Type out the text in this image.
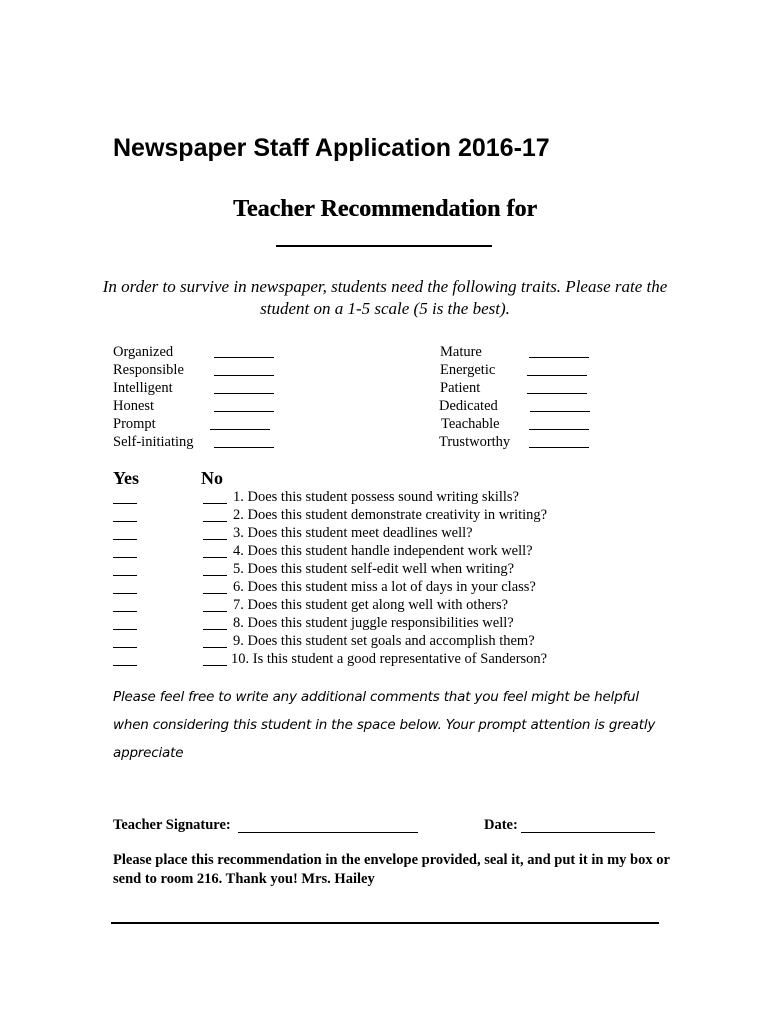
Newspaper Staff Application 2016-17
Teacher Recommendation for
In order to survive in newspaper, students need the following traits. Please rate the student on a 1-5 scale (5 is the best).
Organized
Responsible
Intelligent
Honest
Prompt
Self-initiating
Mature
Energetic
Patient
Dedicated
Teachable
Trustworthy
Yes	No
1. Does this student possess sound writing skills?
2. Does this student demonstrate creativity in writing?
3. Does this student meet deadlines well?
4. Does this student handle independent work well?
5. Does this student self-edit well when writing?
6. Does this student miss a lot of days in your class?
7. Does this student get along well with others?
8. Does this student juggle responsibilities well?
9. Does this student set goals and accomplish them?
10. Is this student a good representative of Sanderson?
Please feel free to write any additional comments that you feel might be helpful when considering this student in the space below. Your prompt attention is greatly appreciate
Teacher Signature:	Date:
Please place this recommendation in the envelope provided, seal it, and put it in my box or send to room 216. Thank you! Mrs. Hailey
